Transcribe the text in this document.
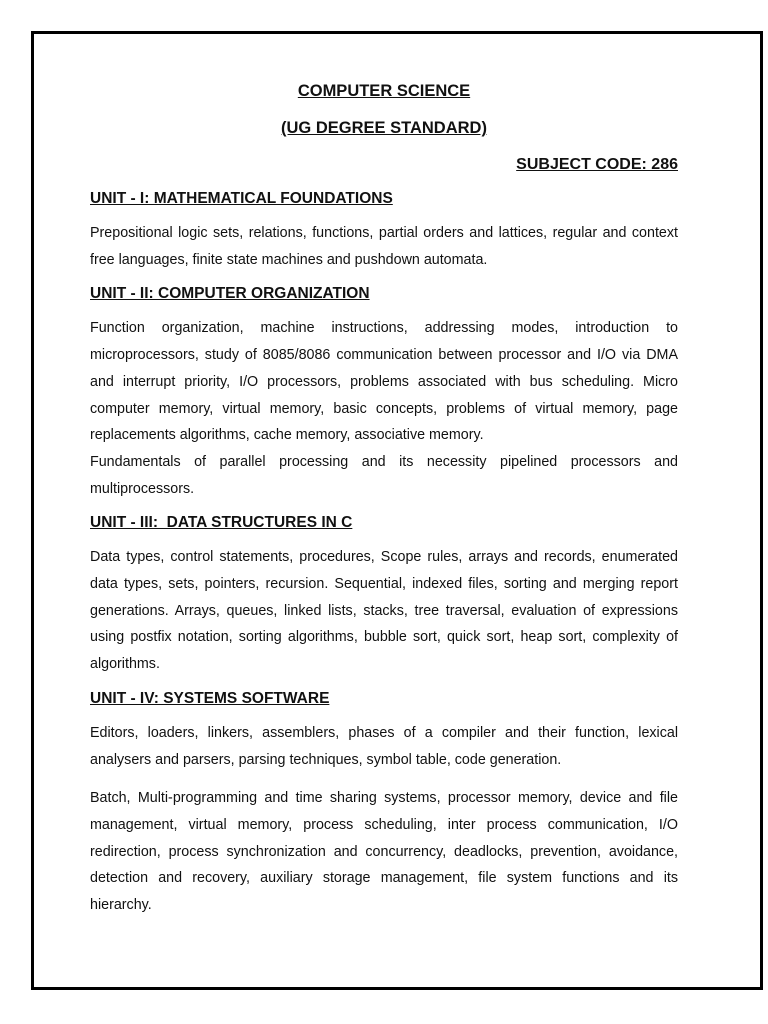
COMPUTER SCIENCE
(UG DEGREE STANDARD)
SUBJECT CODE: 286
UNIT - I: MATHEMATICAL FOUNDATIONS

Prepositional logic sets, relations, functions, partial orders and lattices, regular and context free languages, finite state machines and pushdown automata.

UNIT - II: COMPUTER ORGANIZATION

Function organization, machine instructions, addressing modes, introduction to microprocessors, study of 8085/8086 communication between processor and I/O via DMA and interrupt priority, I/O processors, problems associated with bus scheduling. Micro computer memory, virtual memory, basic concepts, problems of virtual memory, page replacements algorithms, cache memory, associative memory.

Fundamentals of parallel processing and its necessity pipelined processors and multiprocessors.

UNIT - III:  DATA STRUCTURES IN C

Data types, control statements, procedures, Scope rules, arrays and records, enumerated data types, sets, pointers, recursion. Sequential, indexed files, sorting and merging report generations. Arrays, queues, linked lists, stacks, tree traversal, evaluation of expressions using postfix notation, sorting algorithms, bubble sort, quick sort, heap sort, complexity of algorithms.

UNIT - IV: SYSTEMS SOFTWARE

Editors, loaders, linkers, assemblers, phases of a compiler and their function, lexical analysers and parsers, parsing techniques, symbol table, code generation.

Batch, Multi-programming and time sharing systems, processor memory, device and file management, virtual memory, process scheduling, inter process communication, I/O redirection, process synchronization and concurrency, deadlocks, prevention, avoidance, detection and recovery, auxiliary storage management, file system functions and its hierarchy.
